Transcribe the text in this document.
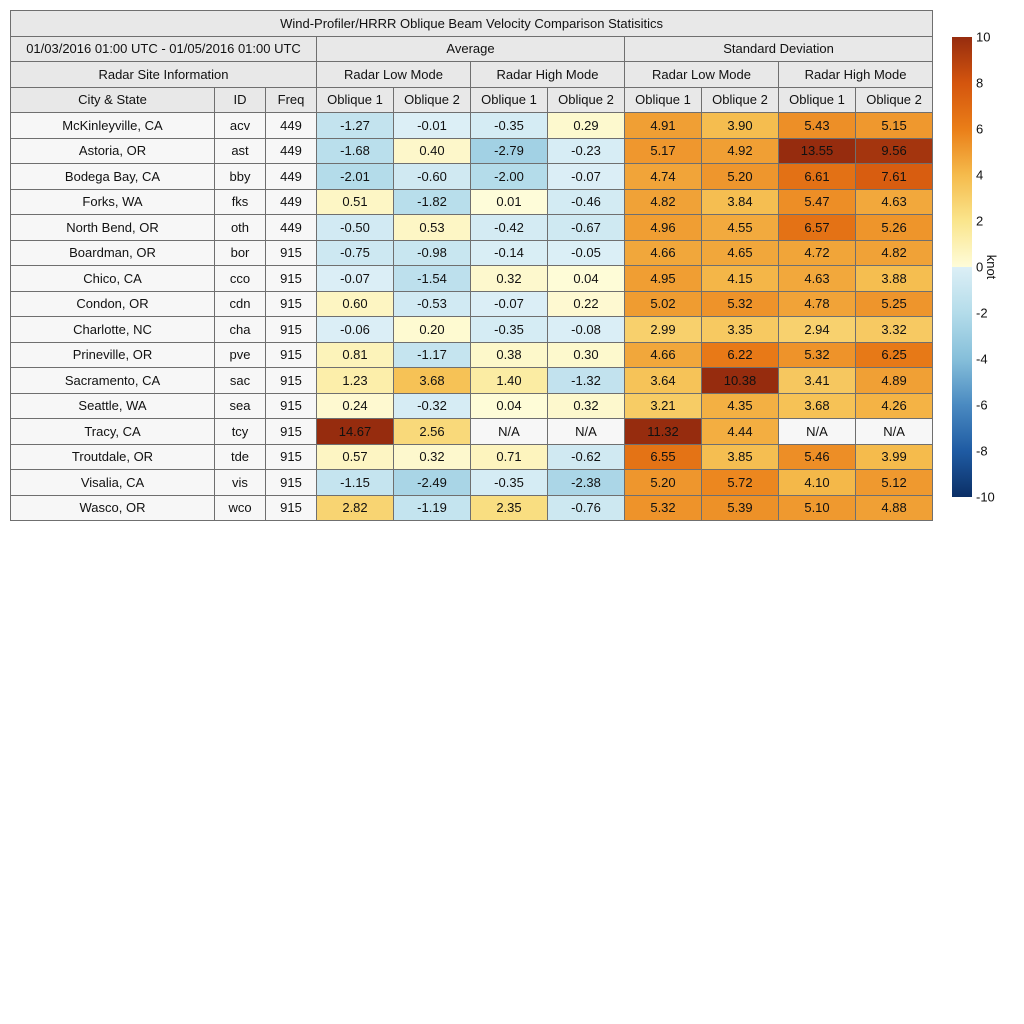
Wind-Profiler/HRRR Oblique Beam Velocity Comparison Statisitics										
01/03/2016 01:00 UTC - 01/05/2016 01:00 UTC			Average				Standard Deviation			
Radar Site Information			Radar Low Mode		Radar High Mode		Radar Low Mode		Radar High Mode	
City & State	ID	Freq	Oblique 1	Oblique 2	Oblique 1	Oblique 2	Oblique 1	Oblique 2	Oblique 1	Oblique 2
McKinleyville, CA	acv	449	-1.27	-0.01	-0.35	0.29	4.91	3.90	5.43	5.15
Astoria, OR	ast	449	-1.68	0.40	-2.79	-0.23	5.17	4.92	13.55	9.56
Bodega Bay, CA	bby	449	-2.01	-0.60	-2.00	-0.07	4.74	5.20	6.61	7.61
Forks, WA	fks	449	0.51	-1.82	0.01	-0.46	4.82	3.84	5.47	4.63
North Bend, OR	oth	449	-0.50	0.53	-0.42	-0.67	4.96	4.55	6.57	5.26
Boardman, OR	bor	915	-0.75	-0.98	-0.14	-0.05	4.66	4.65	4.72	4.82
Chico, CA	cco	915	-0.07	-1.54	0.32	0.04	4.95	4.15	4.63	3.88
Condon, OR	cdn	915	0.60	-0.53	-0.07	0.22	5.02	5.32	4.78	5.25
Charlotte, NC	cha	915	-0.06	0.20	-0.35	-0.08	2.99	3.35	2.94	3.32
Prineville, OR	pve	915	0.81	-1.17	0.38	0.30	4.66	6.22	5.32	6.25
Sacramento, CA	sac	915	1.23	3.68	1.40	-1.32	3.64	10.38	3.41	4.89
Seattle, WA	sea	915	0.24	-0.32	0.04	0.32	3.21	4.35	3.68	4.26
Tracy, CA	tcy	915	14.67	2.56	N/A	N/A	11.32	4.44	N/A	N/A
Troutdale, OR	tde	915	0.57	0.32	0.71	-0.62	6.55	3.85	5.46	3.99
Visalia, CA	vis	915	-1.15	-2.49	-0.35	-2.38	5.20	5.72	4.10	5.12
Wasco, OR	wco	915	2.82	-1.19	2.35	-0.76	5.32	5.39	5.10	4.88
10
8
6
4
2
0
-2
-4
-6
-8
-10
knot
